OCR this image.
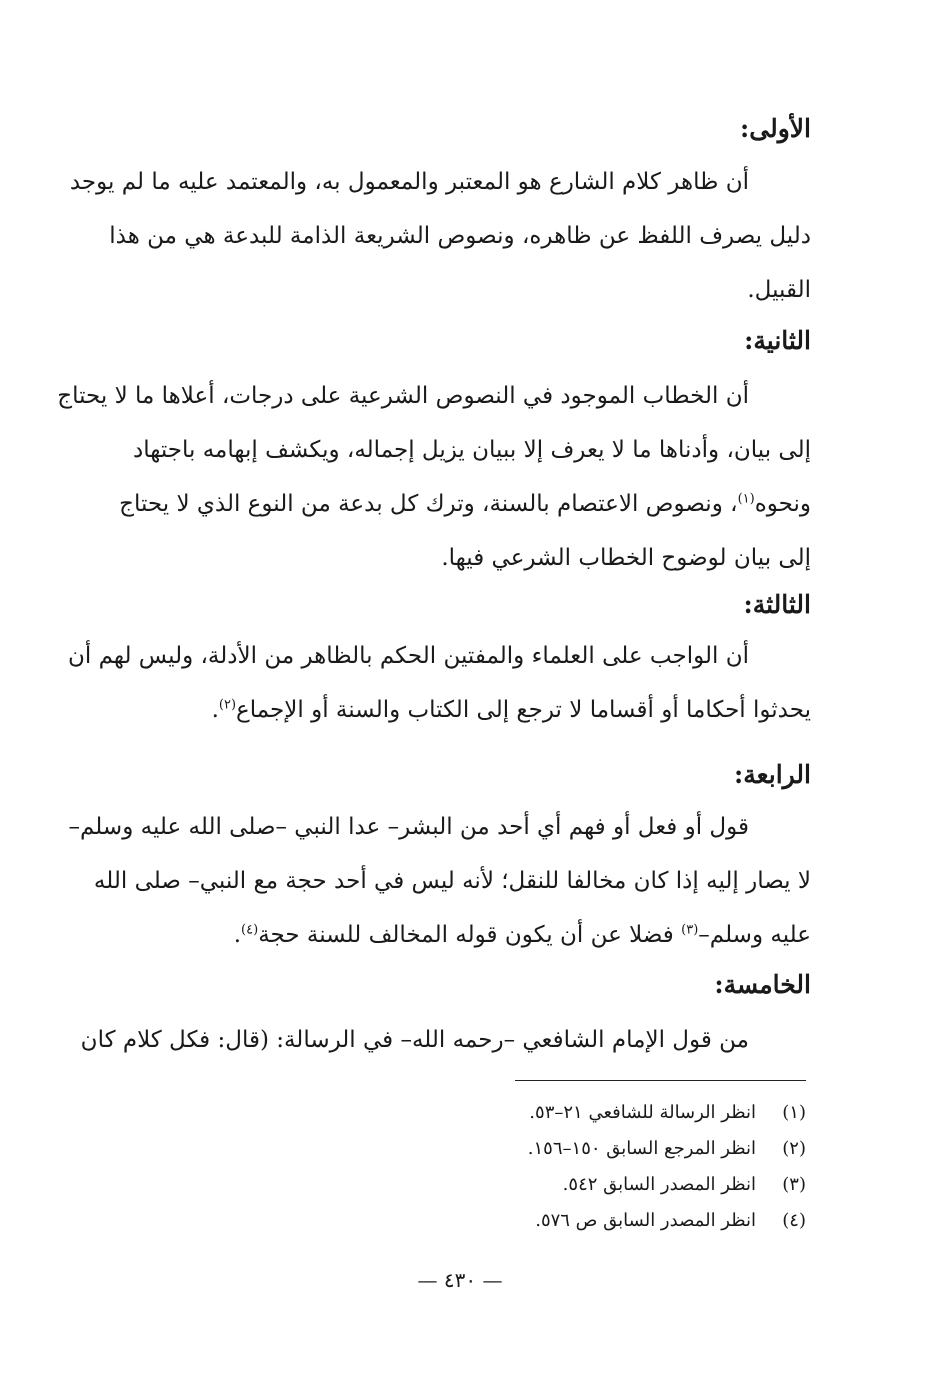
الأولى:
أن ظاهر كلام الشارع هو المعتبر والمعمول به، والمعتمد عليه ما لم يوجد
دليل يصرف اللفظ عن ظاهره، ونصوص الشريعة الذامة للبدعة هي من هذا
القبيل.
الثانية:
أن الخطاب الموجود في النصوص الشرعية على درجات، أعلاها ما لا يحتاج
إلى بيان، وأدناها ما لا يعرف إلا ببيان يزيل إجماله، ويكشف إبهامه باجتهاد
ونحوه$^{(١)}$، ونصوص الاعتصام بالسنة، وترك كل بدعة من النوع الذي لا يحتاج
إلى بيان لوضوح الخطاب الشرعي فيها.
الثالثة:
أن الواجب على العلماء والمفتين الحكم بالظاهر من الأدلة، وليس لهم أن
يحدثوا أحكاما أو أقساما لا ترجع إلى الكتاب والسنة أو الإجماع$^{(٢)}$.
الرابعة:
قول أو فعل أو فهم أي أحد من البشر– عدا النبي –صلى الله عليه وسلم–
لا يصار إليه إذا كان مخالفا للنقل؛ لأنه ليس في أحد حجة مع النبي– صلى الله
عليه وسلم–$^{(٣)}$ فضلا عن أن يكون قوله المخالف للسنة حجة$^{(٤)}$.
الخامسة:
من قول الإمام الشافعي –رحمه الله– في الرسالة: (قال: فكل كلام كان
(١)انظر الرسالة للشافعي ٢١–٥٣.
(٢)انظر المرجع السابق ١٥٠–١٥٦.
(٣)انظر المصدر السابق ٥٤٢.
(٤)انظر المصدر السابق ص ٥٧٦.
— ٤٣٠ —
